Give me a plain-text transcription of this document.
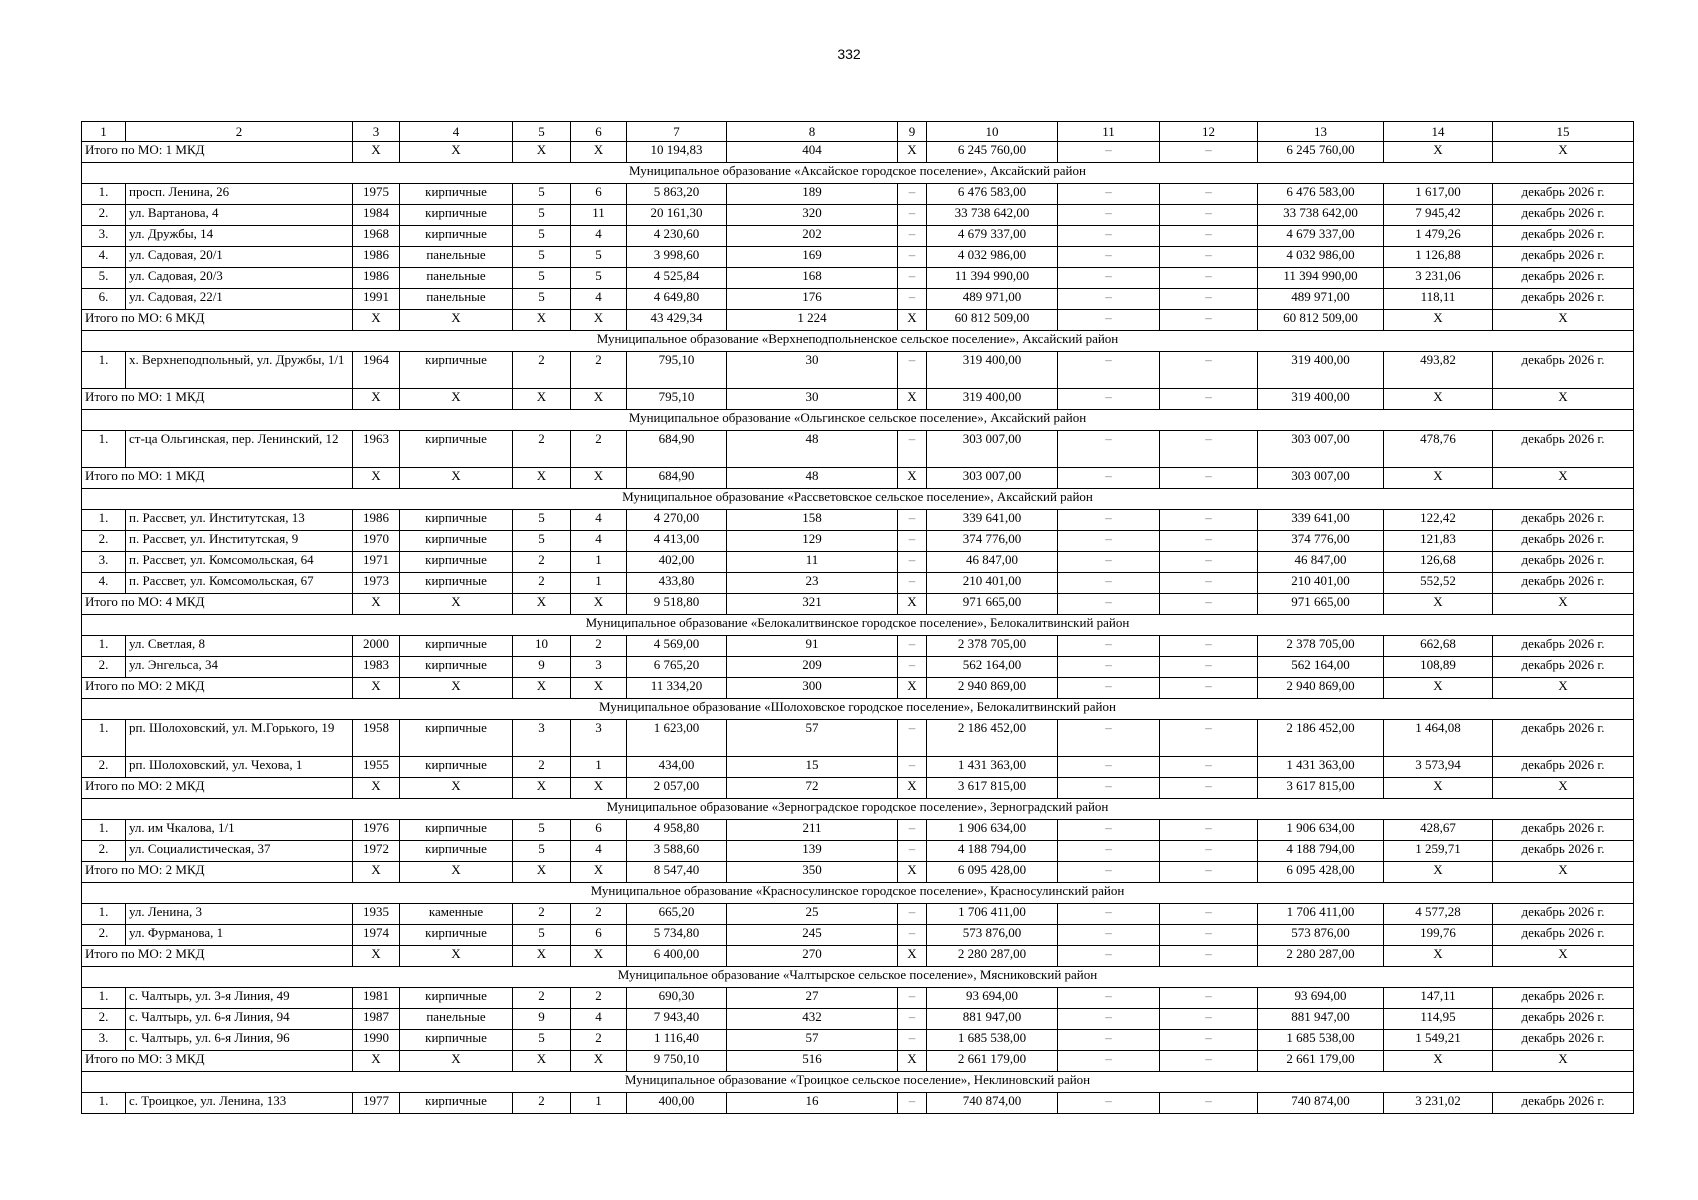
332
1	2	3	4	5	6	7	8	9	10	11	12	13	14	15
Итого по МО: 1 МКД		X	X	X	X	10 194,83	404	X	6 245 760,00	–	–	6 245 760,00	X	X
Муниципальное образование «Аксайское городское поселение», Аксайский район														
1.	просп. Ленина, 26	1975	кирпичные	5	6	5 863,20	189	–	6 476 583,00	–	–	6 476 583,00	1 617,00	декабрь 2026 г.
2.	ул. Вартанова, 4	1984	кирпичные	5	11	20 161,30	320	–	33 738 642,00	–	–	33 738 642,00	7 945,42	декабрь 2026 г.
3.	ул. Дружбы, 14	1968	кирпичные	5	4	4 230,60	202	–	4 679 337,00	–	–	4 679 337,00	1 479,26	декабрь 2026 г.
4.	ул. Садовая, 20/1	1986	панельные	5	5	3 998,60	169	–	4 032 986,00	–	–	4 032 986,00	1 126,88	декабрь 2026 г.
5.	ул. Садовая, 20/3	1986	панельные	5	5	4 525,84	168	–	11 394 990,00	–	–	11 394 990,00	3 231,06	декабрь 2026 г.
6.	ул. Садовая, 22/1	1991	панельные	5	4	4 649,80	176	–	489 971,00	–	–	489 971,00	118,11	декабрь 2026 г.
Итого по МО: 6 МКД		X	X	X	X	43 429,34	1 224	X	60 812 509,00	–	–	60 812 509,00	X	X
Муниципальное образование «Верхнеподпольненское сельское поселение», Аксайский район														
1.	х. Верхнеподпольный, ул. Дружбы, 1/1	1964	кирпичные	2	2	795,10	30	–	319 400,00	–	–	319 400,00	493,82	декабрь 2026 г.
Итого по МО: 1 МКД		X	X	X	X	795,10	30	X	319 400,00	–	–	319 400,00	X	X
Муниципальное образование «Ольгинское сельское поселение», Аксайский район														
1.	ст-ца Ольгинская, пер. Ленинский, 12	1963	кирпичные	2	2	684,90	48	–	303 007,00	–	–	303 007,00	478,76	декабрь 2026 г.
Итого по МО: 1 МКД		X	X	X	X	684,90	48	X	303 007,00	–	–	303 007,00	X	X
Муниципальное образование «Рассветовское сельское поселение», Аксайский район														
1.	п. Рассвет, ул. Институтская, 13	1986	кирпичные	5	4	4 270,00	158	–	339 641,00	–	–	339 641,00	122,42	декабрь 2026 г.
2.	п. Рассвет, ул. Институтская, 9	1970	кирпичные	5	4	4 413,00	129	–	374 776,00	–	–	374 776,00	121,83	декабрь 2026 г.
3.	п. Рассвет, ул. Комсомольская, 64	1971	кирпичные	2	1	402,00	11	–	46 847,00	–	–	46 847,00	126,68	декабрь 2026 г.
4.	п. Рассвет, ул. Комсомольская, 67	1973	кирпичные	2	1	433,80	23	–	210 401,00	–	–	210 401,00	552,52	декабрь 2026 г.
Итого по МО: 4 МКД		X	X	X	X	9 518,80	321	X	971 665,00	–	–	971 665,00	X	X
Муниципальное образование «Белокалитвинское городское поселение», Белокалитвинский район														
1.	ул. Светлая, 8	2000	кирпичные	10	2	4 569,00	91	–	2 378 705,00	–	–	2 378 705,00	662,68	декабрь 2026 г.
2.	ул. Энгельса, 34	1983	кирпичные	9	3	6 765,20	209	–	562 164,00	–	–	562 164,00	108,89	декабрь 2026 г.
Итого по МО: 2 МКД		X	X	X	X	11 334,20	300	X	2 940 869,00	–	–	2 940 869,00	X	X
Муниципальное образование «Шолоховское городское поселение», Белокалитвинский район														
1.	рп. Шолоховский, ул. М.Горького, 19	1958	кирпичные	3	3	1 623,00	57	–	2 186 452,00	–	–	2 186 452,00	1 464,08	декабрь 2026 г.
2.	рп. Шолоховский, ул. Чехова, 1	1955	кирпичные	2	1	434,00	15	–	1 431 363,00	–	–	1 431 363,00	3 573,94	декабрь 2026 г.
Итого по МО: 2 МКД		X	X	X	X	2 057,00	72	X	3 617 815,00	–	–	3 617 815,00	X	X
Муниципальное образование «Зерноградское городское поселение», Зерноградский район														
1.	ул. им Чкалова, 1/1	1976	кирпичные	5	6	4 958,80	211	–	1 906 634,00	–	–	1 906 634,00	428,67	декабрь 2026 г.
2.	ул. Социалистическая, 37	1972	кирпичные	5	4	3 588,60	139	–	4 188 794,00	–	–	4 188 794,00	1 259,71	декабрь 2026 г.
Итого по МО: 2 МКД		X	X	X	X	8 547,40	350	X	6 095 428,00	–	–	6 095 428,00	X	X
Муниципальное образование «Красносулинское городское поселение», Красносулинский район														
1.	ул. Ленина, 3	1935	каменные	2	2	665,20	25	–	1 706 411,00	–	–	1 706 411,00	4 577,28	декабрь 2026 г.
2.	ул. Фурманова, 1	1974	кирпичные	5	6	5 734,80	245	–	573 876,00	–	–	573 876,00	199,76	декабрь 2026 г.
Итого по МО: 2 МКД		X	X	X	X	6 400,00	270	X	2 280 287,00	–	–	2 280 287,00	X	X
Муниципальное образование «Чалтырское сельское поселение», Мясниковский район														
1.	с. Чалтырь, ул. 3-я Линия, 49	1981	кирпичные	2	2	690,30	27	–	93 694,00	–	–	93 694,00	147,11	декабрь 2026 г.
2.	с. Чалтырь, ул. 6-я Линия, 94	1987	панельные	9	4	7 943,40	432	–	881 947,00	–	–	881 947,00	114,95	декабрь 2026 г.
3.	с. Чалтырь, ул. 6-я Линия, 96	1990	кирпичные	5	2	1 116,40	57	–	1 685 538,00	–	–	1 685 538,00	1 549,21	декабрь 2026 г.
Итого по МО: 3 МКД		X	X	X	X	9 750,10	516	X	2 661 179,00	–	–	2 661 179,00	X	X
Муниципальное образование «Троицкое сельское поселение», Неклиновский район														
1.	с. Троицкое, ул. Ленина, 133	1977	кирпичные	2	1	400,00	16	–	740 874,00	–	–	740 874,00	3 231,02	декабрь 2026 г.
